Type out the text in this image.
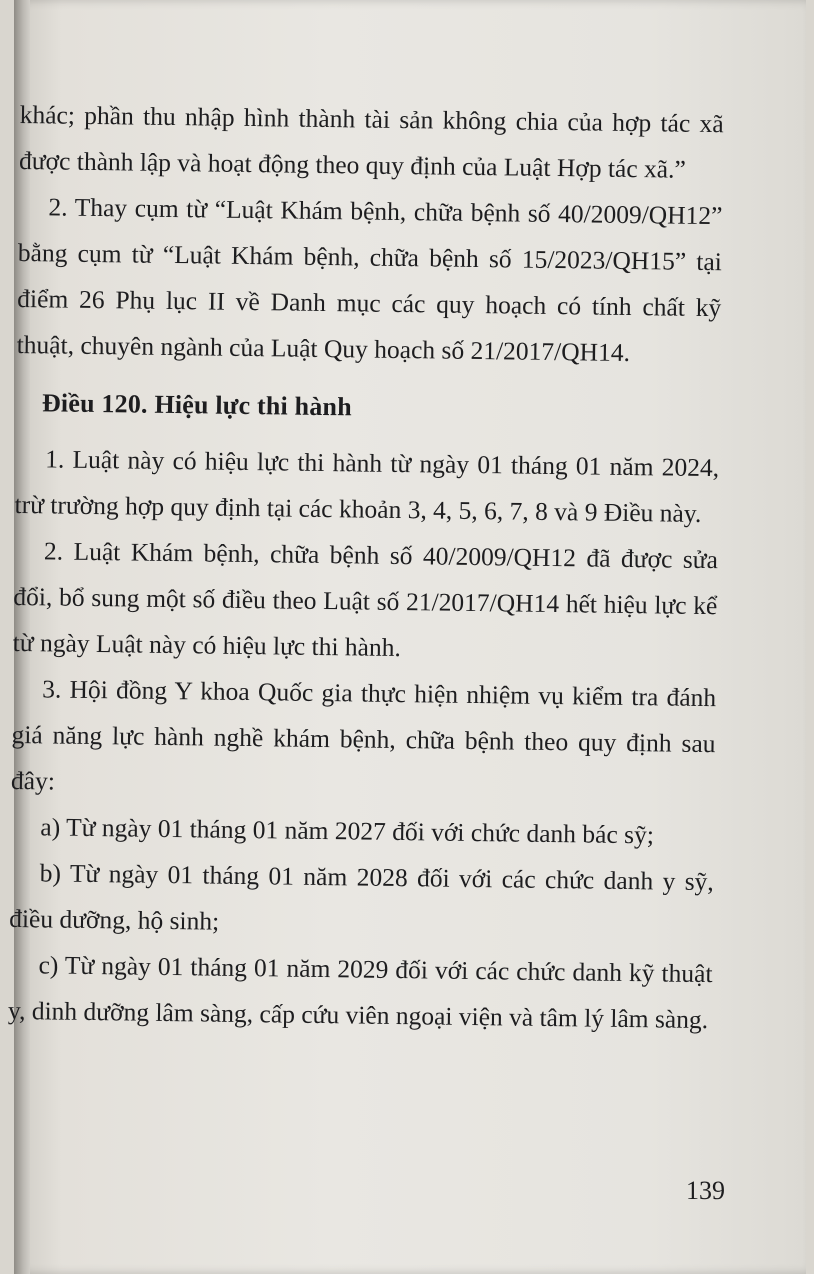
khác; phần thu nhập hình thành tài sản không chia của hợp tác xã được thành lập và hoạt động theo quy định của Luật Hợp tác xã.”

2. Thay cụm từ “Luật Khám bệnh, chữa bệnh số 40/2009/QH12” bằng cụm từ “Luật Khám bệnh, chữa bệnh số 15/2023/QH15” tại điểm 26 Phụ lục II về Danh mục các quy hoạch có tính chất kỹ thuật, chuyên ngành của Luật Quy hoạch số 21/2017/QH14.

Điều 120. Hiệu lực thi hành

1. Luật này có hiệu lực thi hành từ ngày 01 tháng 01 năm 2024, trừ trường hợp quy định tại các khoản 3, 4, 5, 6, 7, 8 và 9 Điều này.

2. Luật Khám bệnh, chữa bệnh số 40/2009/QH12 đã được sửa đổi, bổ sung một số điều theo Luật số 21/2017/QH14 hết hiệu lực kể từ ngày Luật này có hiệu lực thi hành.

3. Hội đồng Y khoa Quốc gia thực hiện nhiệm vụ kiểm tra đánh giá năng lực hành nghề khám bệnh, chữa bệnh theo quy định sau đây:

a) Từ ngày 01 tháng 01 năm 2027 đối với chức danh bác sỹ;

b) Từ ngày 01 tháng 01 năm 2028 đối với các chức danh y sỹ, điều dưỡng, hộ sinh;

c) Từ ngày 01 tháng 01 năm 2029 đối với các chức danh kỹ thuật y, dinh dưỡng lâm sàng, cấp cứu viên ngoại viện và tâm lý lâm sàng.

139
